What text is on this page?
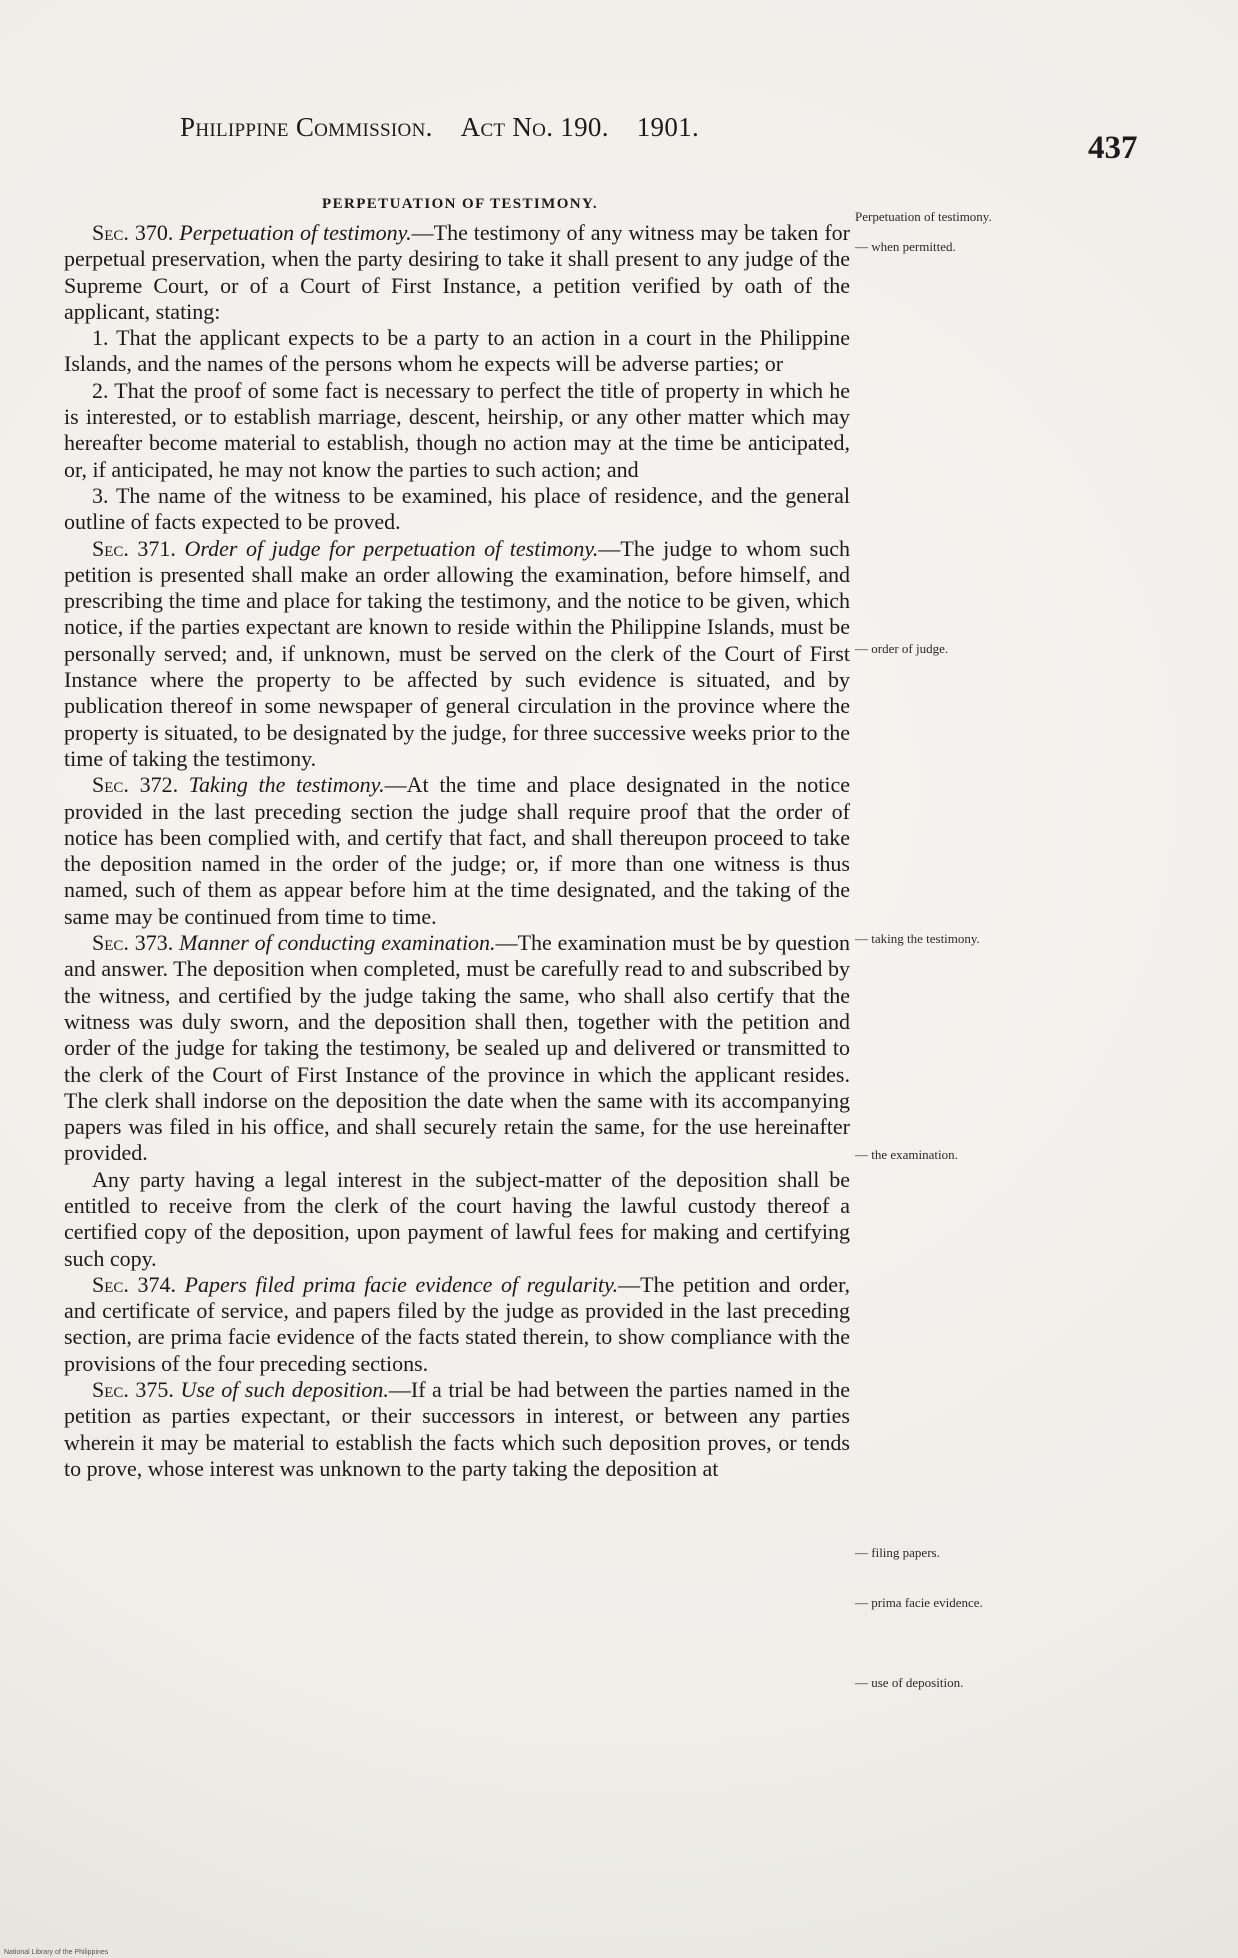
Philippine Commission. Act No. 190. 1901.
437
PERPETUATION OF TESTIMONY.

Sec. 370. Perpetuation of testimony.—The testimony of any witness may be taken for perpetual preservation, when the party desiring to take it shall present to any judge of the Supreme Court, or of a Court of First Instance, a petition verified by oath of the applicant, stating:

1. That the applicant expects to be a party to an action in a court in the Philippine Islands, and the names of the persons whom he expects will be adverse parties; or

2. That the proof of some fact is necessary to perfect the title of property in which he is interested, or to establish marriage, descent, heirship, or any other matter which may hereafter become material to establish, though no action may at the time be anticipated, or, if anticipated, he may not know the parties to such action; and

3. The name of the witness to be examined, his place of residence, and the general outline of facts expected to be proved.

Sec. 371. Order of judge for perpetuation of testimony.—The judge to whom such petition is presented shall make an order allowing the examination, before himself, and prescribing the time and place for taking the testimony, and the notice to be given, which notice, if the parties expectant are known to reside within the Philippine Islands, must be personally served; and, if unknown, must be served on the clerk of the Court of First Instance where the property to be affected by such evidence is situated, and by publication thereof in some newspaper of general circulation in the province where the property is situated, to be designated by the judge, for three successive weeks prior to the time of taking the testimony.

Sec. 372. Taking the testimony.—At the time and place designated in the notice provided in the last preceding section the judge shall require proof that the order of notice has been complied with, and certify that fact, and shall thereupon proceed to take the deposition named in the order of the judge; or, if more than one witness is thus named, such of them as appear before him at the time designated, and the taking of the same may be continued from time to time.

Sec. 373. Manner of conducting examination.—The examination must be by question and answer. The deposition when completed, must be carefully read to and subscribed by the witness, and certified by the judge taking the same, who shall also certify that the witness was duly sworn, and the deposition shall then, together with the petition and order of the judge for taking the testimony, be sealed up and delivered or transmitted to the clerk of the Court of First Instance of the province in which the applicant resides. The clerk shall indorse on the deposition the date when the same with its accompanying papers was filed in his office, and shall securely retain the same, for the use hereinafter provided.

Any party having a legal interest in the subject-matter of the deposition shall be entitled to receive from the clerk of the court having the lawful custody thereof a certified copy of the deposition, upon payment of lawful fees for making and certifying such copy.

Sec. 374. Papers filed prima facie evidence of regularity.—The petition and order, and certificate of service, and papers filed by the judge as provided in the last preceding section, are prima facie evidence of the facts stated therein, to show compliance with the provisions of the four preceding sections.

Sec. 375. Use of such deposition.—If a trial be had between the parties named in the petition as parties expectant, or their successors in interest, or between any parties wherein it may be material to establish the facts which such deposition proves, or tends to prove, whose interest was unknown to the party taking the deposition at

Perpetuation of testimony.
— when permitted.
— order of judge.
— taking the testimony.
— the examination.
— filing papers.
— prima facie evidence.
— use of deposition.
National Library of the Philippines
